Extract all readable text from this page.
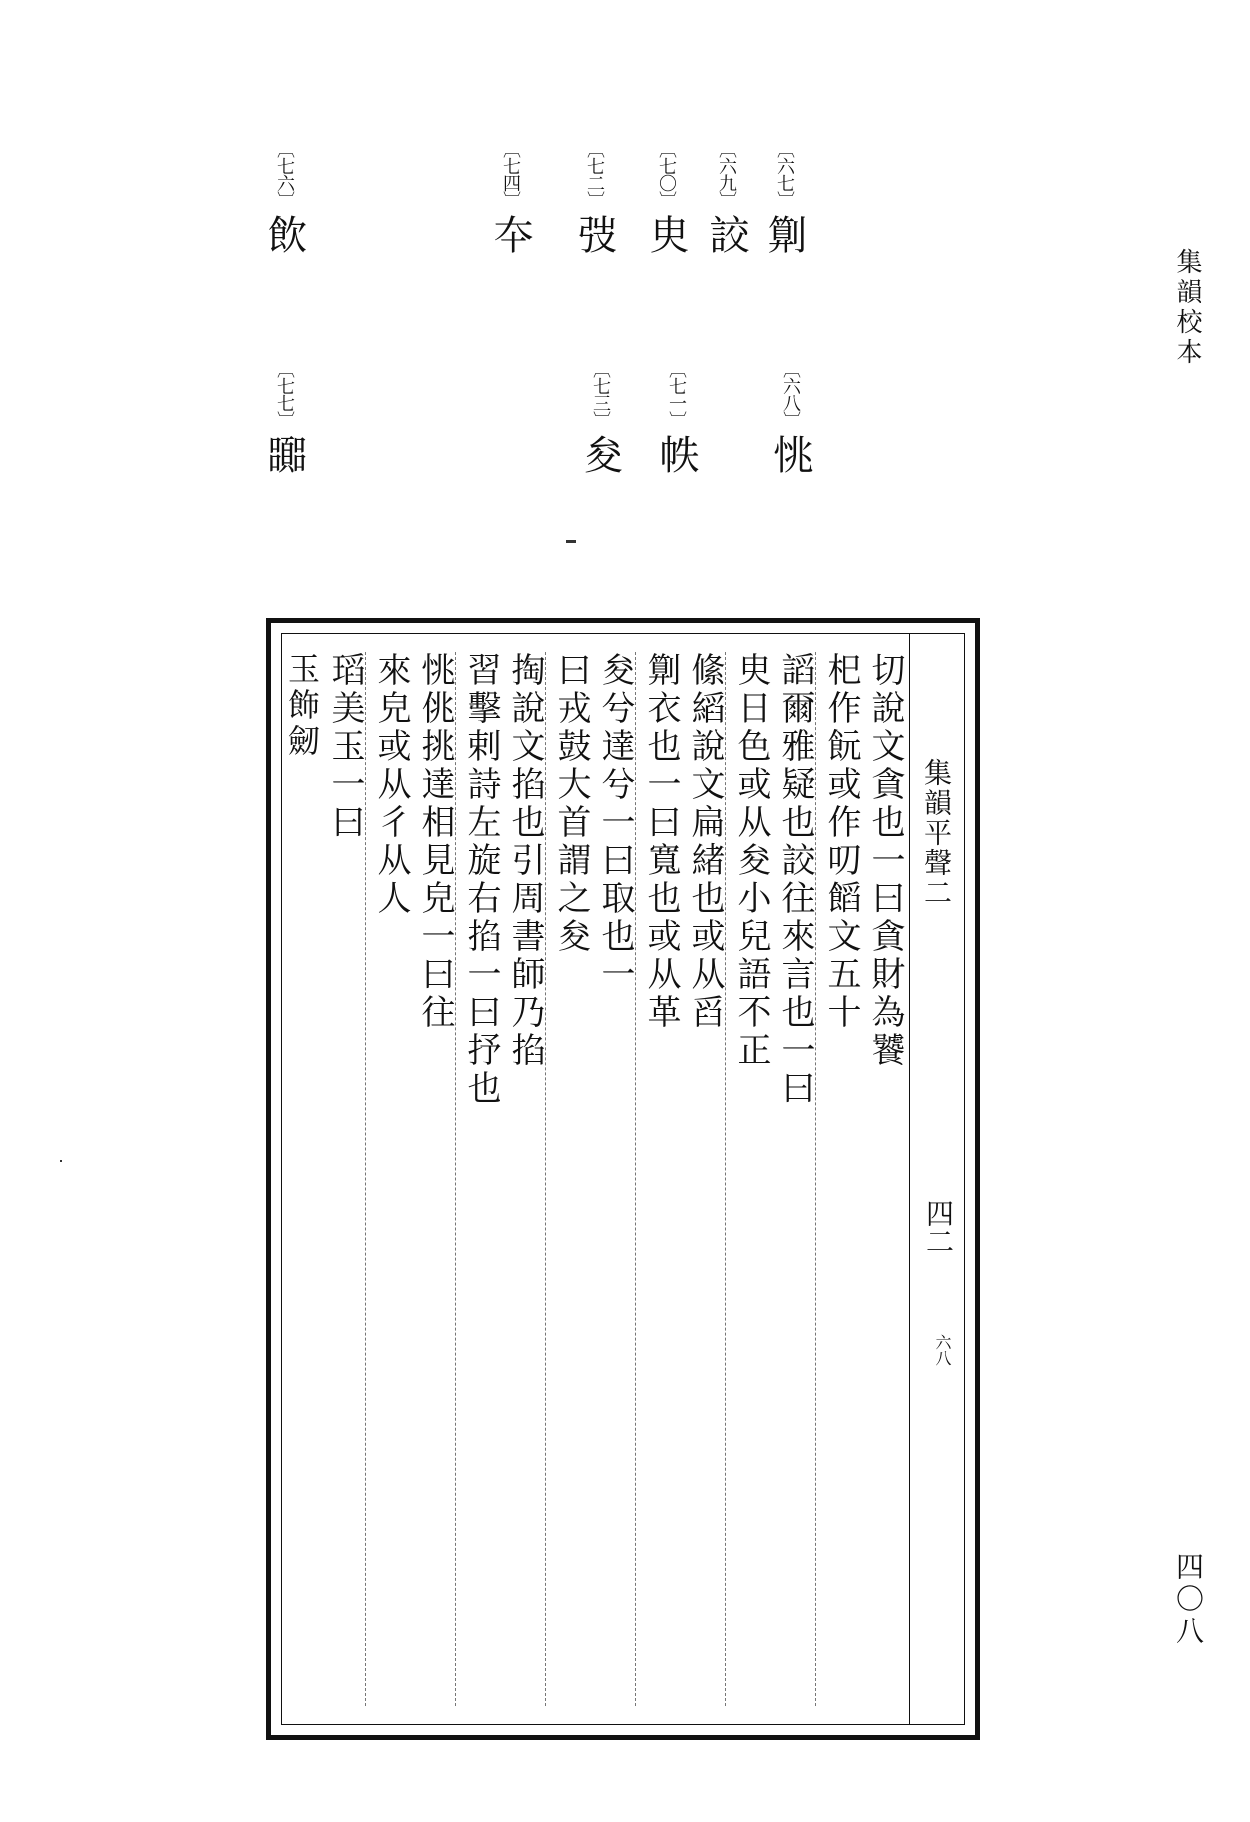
集韻校本
四〇八
〔 六七 〕
㔍
〔 六九 〕
詨
〔 七〇 〕
㬰
〔 七二 〕
弢
〔 七四 〕
夲
〔 七六 〕
飲
〔 六八 〕
恌
〔 七一 〕
帙
〔 七三 〕
夋
〔 七七 〕
嚻
集韻平聲二
四二
六八
切說文貪也一曰貪財為饕
𣏌作䬧或作叨饀文五十
謟爾雅疑也詨往來言也一曰
㬰日色或从夋小兒語不正
絛縚說文扁緒也或从舀
㔍衣也一曰寬也或从革
夋兮達兮一曰取也一
曰戎鼓大首謂之夋
掏說文掐也引周書師乃掐
習擊剌詩左旋右掐一曰抒也
恌佻挑達相見皃一曰往
來皃或从彳从人
瑫美玉一曰
玉飾劒
